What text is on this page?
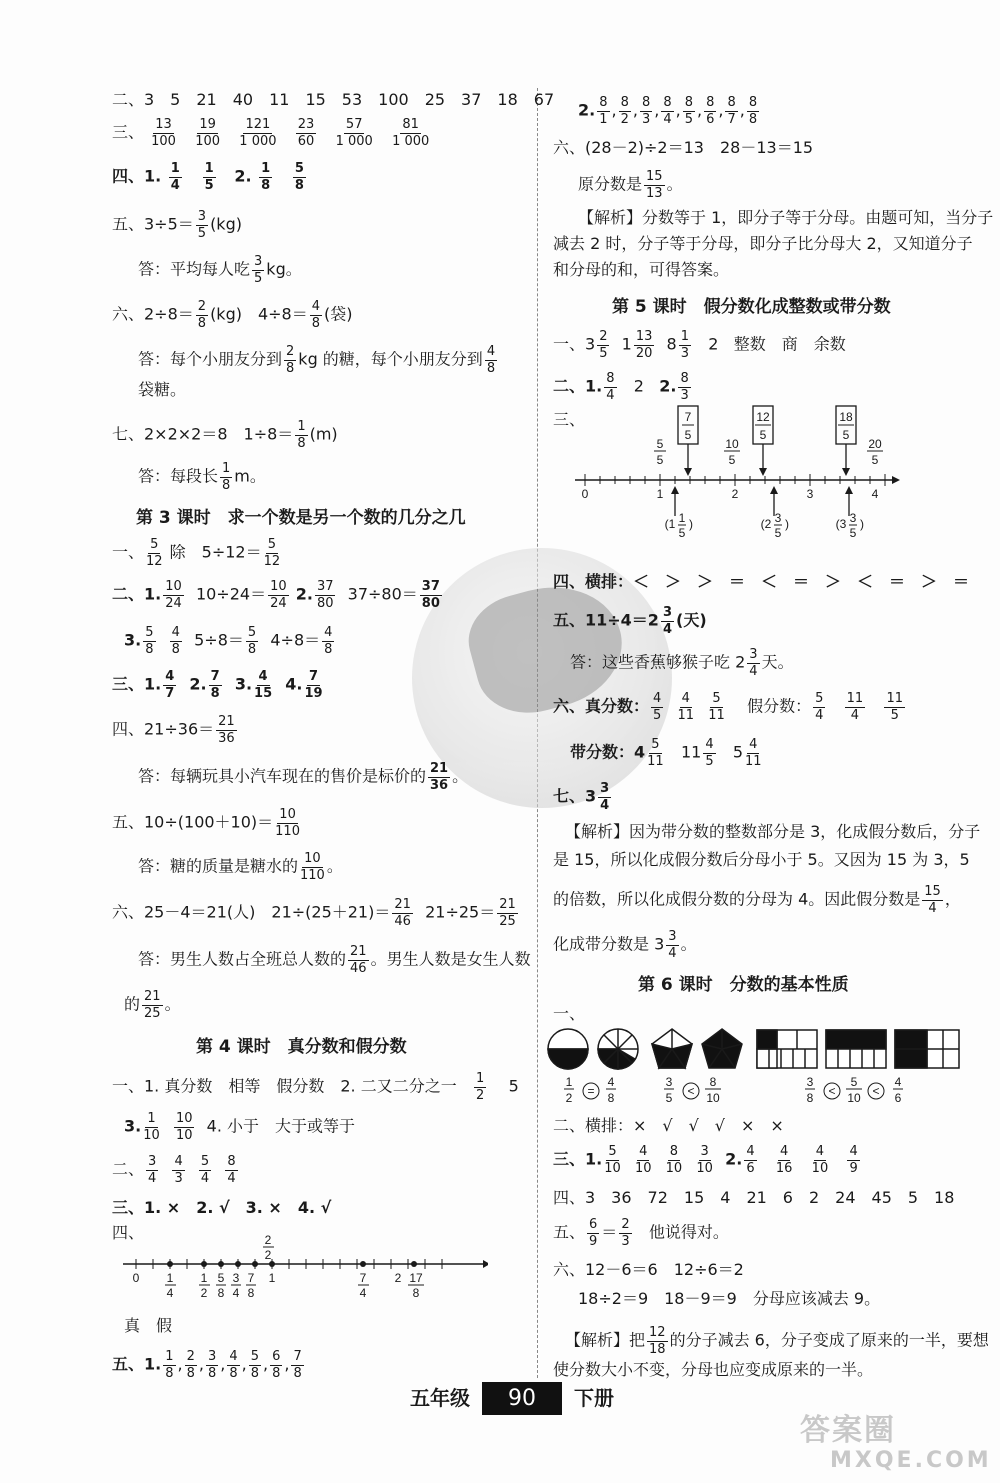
二、3　5　21　40　11　15　53　100　25　37　18　67
三、 $\frac{13}{100}$
$\frac{19}{100}$
$\frac{121}{1 000}$
$\frac{23}{60}$
$\frac{57}{1 000}$
$\frac{81}{1 000}$
四、1. $\frac{1}{4}$
$\frac{1}{5} 2$. $\frac{1}{8}$
$\frac{5}{8}$
五、$3\div 5= \frac{3}{5} (kg)$
答：平均每人吃 $\frac{3}{5}$ kg。
六、$2\div 8= \frac{2}{8} (kg)$　$4\div 8= \frac{4}{8}$ (袋)
答：每个小朋友分到 $\frac{2}{8}$ kg 的糖，每个小朋友分到 $\frac{4}{8}$
袋糖。
七、2×2×2＝8　$1\div 8= \frac{1}{8} (m)$
答：每段长 $\frac{1}{8}$ m。
第 3 课时　求一个数是另一个数的几分之几
一、 $\frac{5}{12}$ 除　$5\div 12= \frac{5}{12}$
二、1. $\frac{10}{24} 10\div 24= \frac{10}{24} 2$. $\frac{37}{80} 37\div 80= \frac{37}{80}$
3. $\frac{5}{8}$
$\frac{4}{8} 5\div 8= \frac{5}{8} 4\div 8= \frac{4}{8}$
三、1. $\frac{4}{7} 2$. $\frac{7}{8} 3$. $\frac{4}{15} 4$. $\frac{7}{19}$
四、$21\div 36= \frac{21}{36}$
答：每辆玩具小汽车现在的售价是标价的 $\frac{21}{36}$ 。
五、$10\div(100+10)= \frac{10}{110}$
答：糖的质量是糖水的 $\frac{10}{110}$ 。
六、25－4＝21(人)　$21\div(25+21)= \frac{21}{46} 21\div 25= \frac{21}{25}$
答：男生人数占全班总人数的 $\frac{21}{46}$ 。男生人数是女生人数
的 $\frac{21}{25}$ 。
第 4 课时　真分数和假分数
一、1. 真分数　相等　假分数　2. 二又二分之一 $\frac{1}{2} 5$
3. $\frac{1}{10}$
$\frac{10}{10} 4$. 小于　大于或等于
二、 $\frac{3}{4}$
$\frac{4}{3}$
$\frac{5}{4}$
$\frac{8}{4}$
三、1. ×　2. √　3. ×　4. √
四、
0	1	2
2
2
1
4
1
2
5
8
3
4
7
8
7
4
17
8
真　假
五、1. $\frac{1}{8}$ , $\frac{2}{8}$ , $\frac{3}{8}$ , $\frac{4}{8}$ , $\frac{5}{8}$ , $\frac{6}{8}$ , $\frac{7}{8}$
2. $\frac{8}{1}$ , $\frac{8}{2}$ , $\frac{8}{3}$ , $\frac{8}{4}$ , $\frac{8}{5}$ , $\frac{8}{6}$ , $\frac{8}{7}$ , $\frac{8}{8}$
六、(28－2)÷2＝13　28－13＝15
原分数是 $\frac{15}{13}$ 。
【解析】分数等于 1，即分子等于分母。由题可知，当分子
减去 2 时，分子等于分母，即分子比分母大 2，又知道分子
和分母的和，可得答案。
第 5 课时　假分数化成整数或带分数
一、$3 \frac{2}{5} 1 \frac{13}{20} 8 \frac{1}{3} 2$   整数　商　余数
二、1. $\frac{8}{4} 2$ 2. $\frac{8}{3}$
三、
0	1	2	3	4
5
5
10
5
20
5
7
5
12
5
18
5
(1 1
5
)	(2 3
5
)	(3 3
5
)
四、横排：＜　＞　＞　＝　＜　＝　＞　＜　＝　＞　＝
五、$11\div 4=2 \frac{3}{4}$ (天)
答：这些香蕉够猴子吃 $2 \frac{3}{4}$ 天。
六、真分数： $\frac{4}{5}$
$\frac{4}{11}$
$\frac{5}{11}$ 假分数： $\frac{5}{4}$
$\frac{11}{4}$
$\frac{11}{5}$
带分数：$4 \frac{5}{11} 11 \frac{4}{5} 5 \frac{4}{11}$
七、$3 \frac{3}{4}$
【解析】因为带分数的整数部分是 3，化成假分数后，分子
是 15，所以化成假分数后分母小于 5。又因为 15 为 3，5
的倍数，所以化成假分数的分母为 4。因此假分数是 $\frac{15}{4}$ ，
化成带分数是 $3 \frac{3}{4}$ 。
第 6 课时　分数的基本性质
一、
1
2 =
4
8
3
5 <
8
10
3
8 <
5
10 <
4
6
二、横排：×　√　√　√　×　×
三、1. $\frac{5}{10}$
$\frac{4}{10}$
$\frac{8}{10}$
$\frac{3}{10} 2$. $\frac{4}{6}$
$\frac{4}{16}$
$\frac{4}{10}$
$\frac{4}{9}$
四、3　36　72　15　4　21　6　2　24　45　5　18
五、 $\frac{6}{9} = \frac{2}{3}$ 他说得对。
六、12－6＝6　12÷6＝2
18÷2＝9　18－9＝9　分母应该减去 9。
【解析】把 $\frac{12}{18}$ 的分子减去 6，分子变成了原来的一半，要想
使分数大小不变，分母也应变成原来的一半。
五年级 90 下册
答案圈
MXQE.COM
